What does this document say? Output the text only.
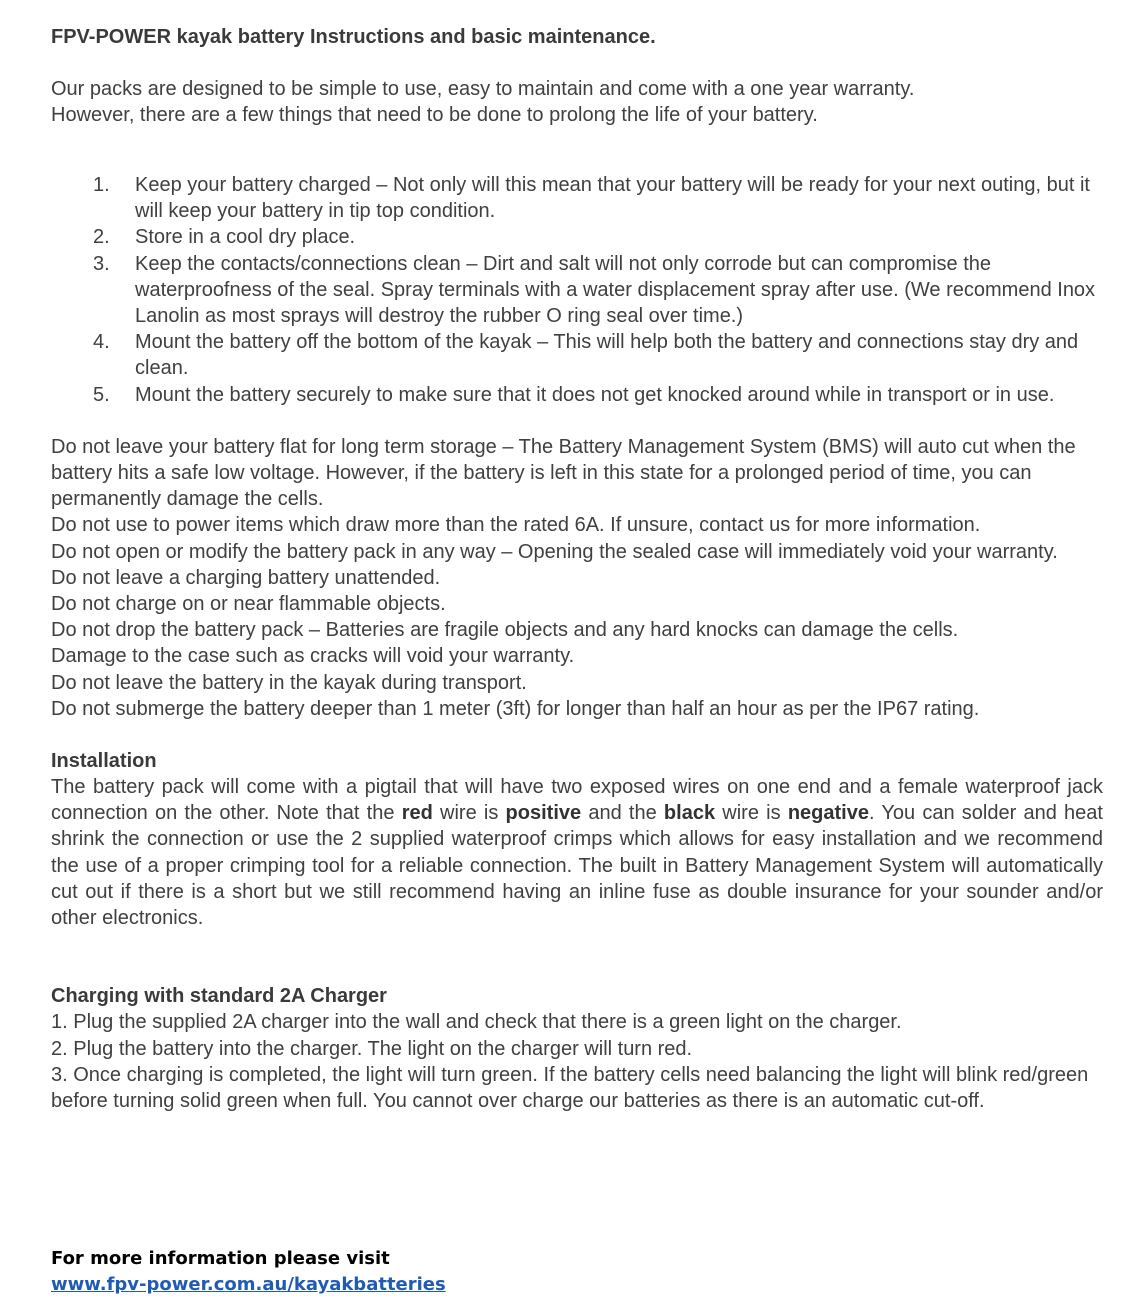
FPV-POWER kayak battery Instructions and basic maintenance.

Our packs are designed to be simple to use, easy to maintain and come with a one year warranty.

However, there are a few things that need to be done to prolong the life of your battery.

1. Keep your battery charged – Not only will this mean that your battery will be ready for your next outing, but it will keep your battery in tip top condition.
2. Store in a cool dry place.
3. Keep the contacts/connections clean – Dirt and salt will not only corrode but can compromise the waterproofness of the seal. Spray terminals with a water displacement spray after use. (We recommend Inox Lanolin as most sprays will destroy the rubber O ring seal over time.)
4. Mount the battery off the bottom of the kayak – This will help both the battery and connections stay dry and clean.
5. Mount the battery securely to make sure that it does not get knocked around while in transport or in use.

Do not leave your battery flat for long term storage – The Battery Management System (BMS) will auto cut when the battery hits a safe low voltage. However, if the battery is left in this state for a prolonged period of time, you can permanently damage the cells.

Do not use to power items which draw more than the rated 6A. If unsure, contact us for more information.

Do not open or modify the battery pack in any way – Opening the sealed case will immediately void your warranty.

Do not leave a charging battery unattended.

Do not charge on or near flammable objects.

Do not drop the battery pack – Batteries are fragile objects and any hard knocks can damage the cells.

Damage to the case such as cracks will void your warranty.

Do not leave the battery in the kayak during transport.

Do not submerge the battery deeper than 1 meter (3ft) for longer than half an hour as per the IP67 rating.

Installation

The battery pack will come with a pigtail that will have two exposed wires on one end and a female waterproof jack connection on the other. Note that the red wire is positive and the black wire is negative. You can solder and heat shrink the connection or use the 2 supplied waterproof crimps which allows for easy installation and we recommend the use of a proper crimping tool for a reliable connection. The built in Battery Management System will automatically cut out if there is a short but we still recommend having an inline fuse as double insurance for your sounder and/or other electronics.

Charging with standard 2A Charger

1. Plug the supplied 2A charger into the wall and check that there is a green light on the charger.

2. Plug the battery into the charger. The light on the charger will turn red.

3. Once charging is completed, the light will turn green. If the battery cells need balancing the light will blink red/green before turning solid green when full. You cannot over charge our batteries as there is an automatic cut-off.

For more information please visit

www.fpv-power.com.au/kayakbatteries
